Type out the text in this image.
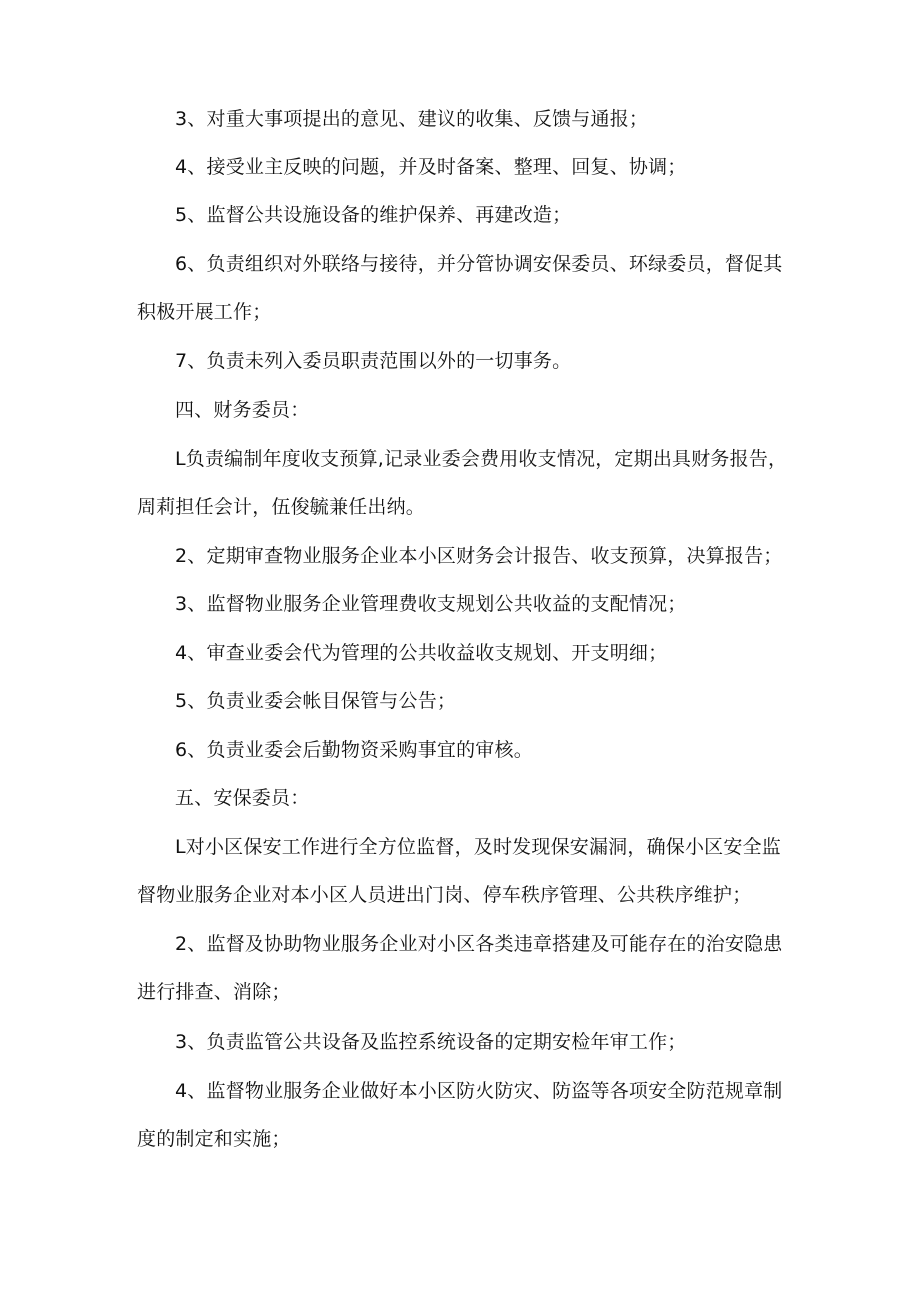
3、对重大事项提出的意见、建议的收集、反馈与通报；

4、接受业主反映的问题，并及时备案、整理、回复、协调；

5、监督公共设施设备的维护保养、再建改造；

6、负责组织对外联络与接待，并分管协调安保委员、环绿委员，督促其积极开展工作；

7、负责未列入委员职责范围以外的一切事务。

四、财务委员：

L负责编制年度收支预算,记录业委会费用收支情况，定期出具财务报告，周莉担任会计，伍俊毓兼任出纳。

2、定期审查物业服务企业本小区财务会计报告、收支预算，决算报告；

3、监督物业服务企业管理费收支规划公共收益的支配情况；

4、审查业委会代为管理的公共收益收支规划、开支明细；

5、负责业委会帐目保管与公告；

6、负责业委会后勤物资采购事宜的审核。

五、安保委员：

L对小区保安工作进行全方位监督，及时发现保安漏洞，确保小区安全监督物业服务企业对本小区人员进出门岗、停车秩序管理、公共秩序维护；

2、监督及协助物业服务企业对小区各类违章搭建及可能存在的治安隐患进行排查、消除；

3、负责监管公共设备及监控系统设备的定期安检年审工作；

4、监督物业服务企业做好本小区防火防灾、防盗等各项安全防范规章制度的制定和实施；
